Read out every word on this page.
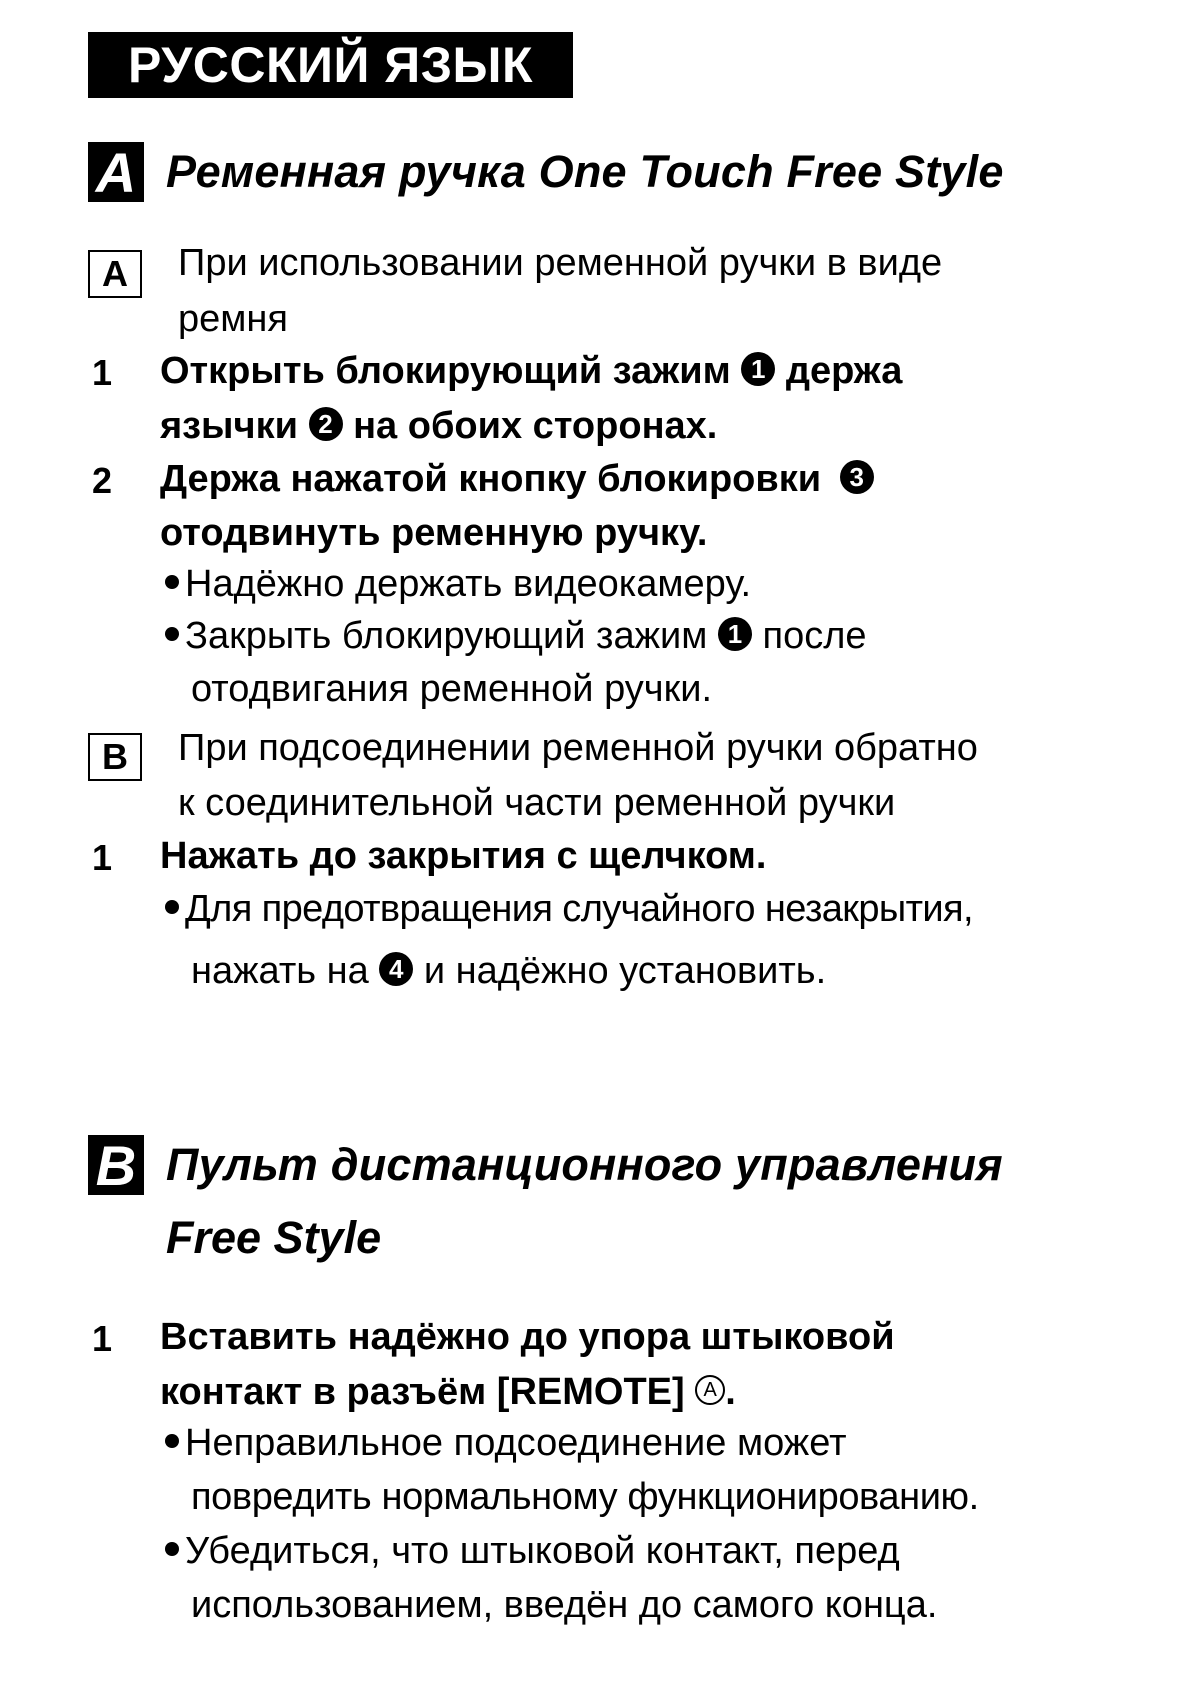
РУССКИЙ ЯЗЫК
A Ременная ручка One Touch Free Style
A	При использовании ременной ручки в виде
ремня
1 Открыть блокирующий зажим 1 держа
язычки 2 на обоих сторонах.
2 Держа нажатой кнопку блокировки 3
отодвинуть ременную ручку.
Надёжно держать видеокамеру.
Закрыть блокирующий зажим 1 после
отодвигания ременной ручки.
B	При подсоединении ременной ручки обратно
к соединительной части ременной ручки
1 Нажать до закрытия с щелчком.
Для предотвращения случайного незакрытия,
нажать на 4 и надёжно установить.
B Пульт дистанционного управления
Free Style
1 Вставить надёжно до упора штыковой
контакт в разъём [REMOTE] A .
Неправильное подсоединение может
повредить нормальному функционированию.
Убедиться, что штыковой контакт, перед
использованием, введён до самого конца.
